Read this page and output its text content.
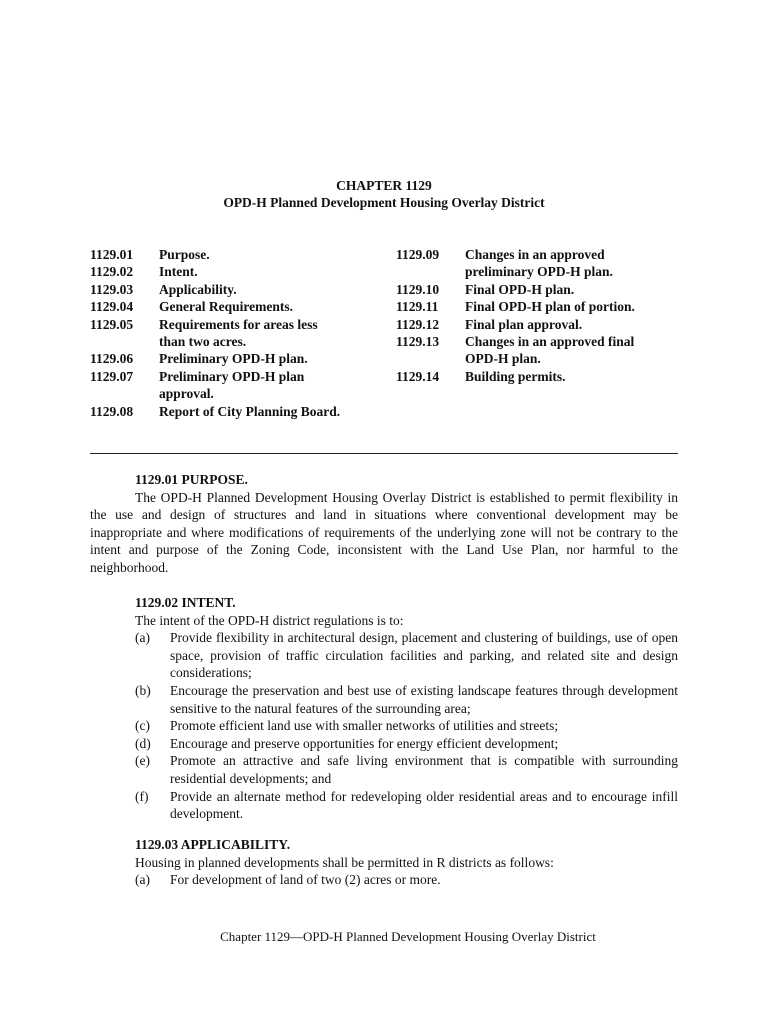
CHAPTER 1129
OPD-H Planned Development Housing Overlay District
1129.01	Purpose.
1129.02	Intent.
1129.03	Applicability.
1129.04	General Requirements.
1129.05	Requirements for areas less
than two acres.
1129.06	Preliminary OPD-H plan.
1129.07	Preliminary OPD-H plan
approval.
1129.08	Report of City Planning Board.
1129.09	Changes in an approved
preliminary OPD-H plan.
1129.10	Final OPD-H plan.
1129.11	Final OPD-H plan of portion.
1129.12	Final plan approval.
1129.13	Changes in an approved final
OPD-H plan.
1129.14	Building permits.
1129.01 PURPOSE.
The OPD-H Planned Development Housing Overlay District is established to permit flexibility in the use and design of structures and land in situations where conventional development may be inappropriate and where modifications of requirements of the underlying zone will not be contrary to the intent and purpose of the Zoning Code, inconsistent with the Land Use Plan, nor harmful to the neighborhood.
1129.02 INTENT.
The intent of the OPD-H district regulations is to:
(a)	Provide flexibility in architectural design, placement and clustering of buildings, use of open space, provision of traffic circulation facilities and parking, and related site and design considerations;
(b)	Encourage the preservation and best use of existing landscape features through development sensitive to the natural features of the surrounding area;
(c)	Promote efficient land use with smaller networks of utilities and streets;
(d)	Encourage and preserve opportunities for energy efficient development;
(e)	Promote an attractive and safe living environment that is compatible with surrounding residential developments; and
(f)	Provide an alternate method for redeveloping older residential areas and to encourage infill development.
1129.03 APPLICABILITY.
Housing in planned developments shall be permitted in R districts as follows:
(a)	For development of land of two (2) acres or more.
Chapter 1129—OPD-H Planned Development Housing Overlay District
